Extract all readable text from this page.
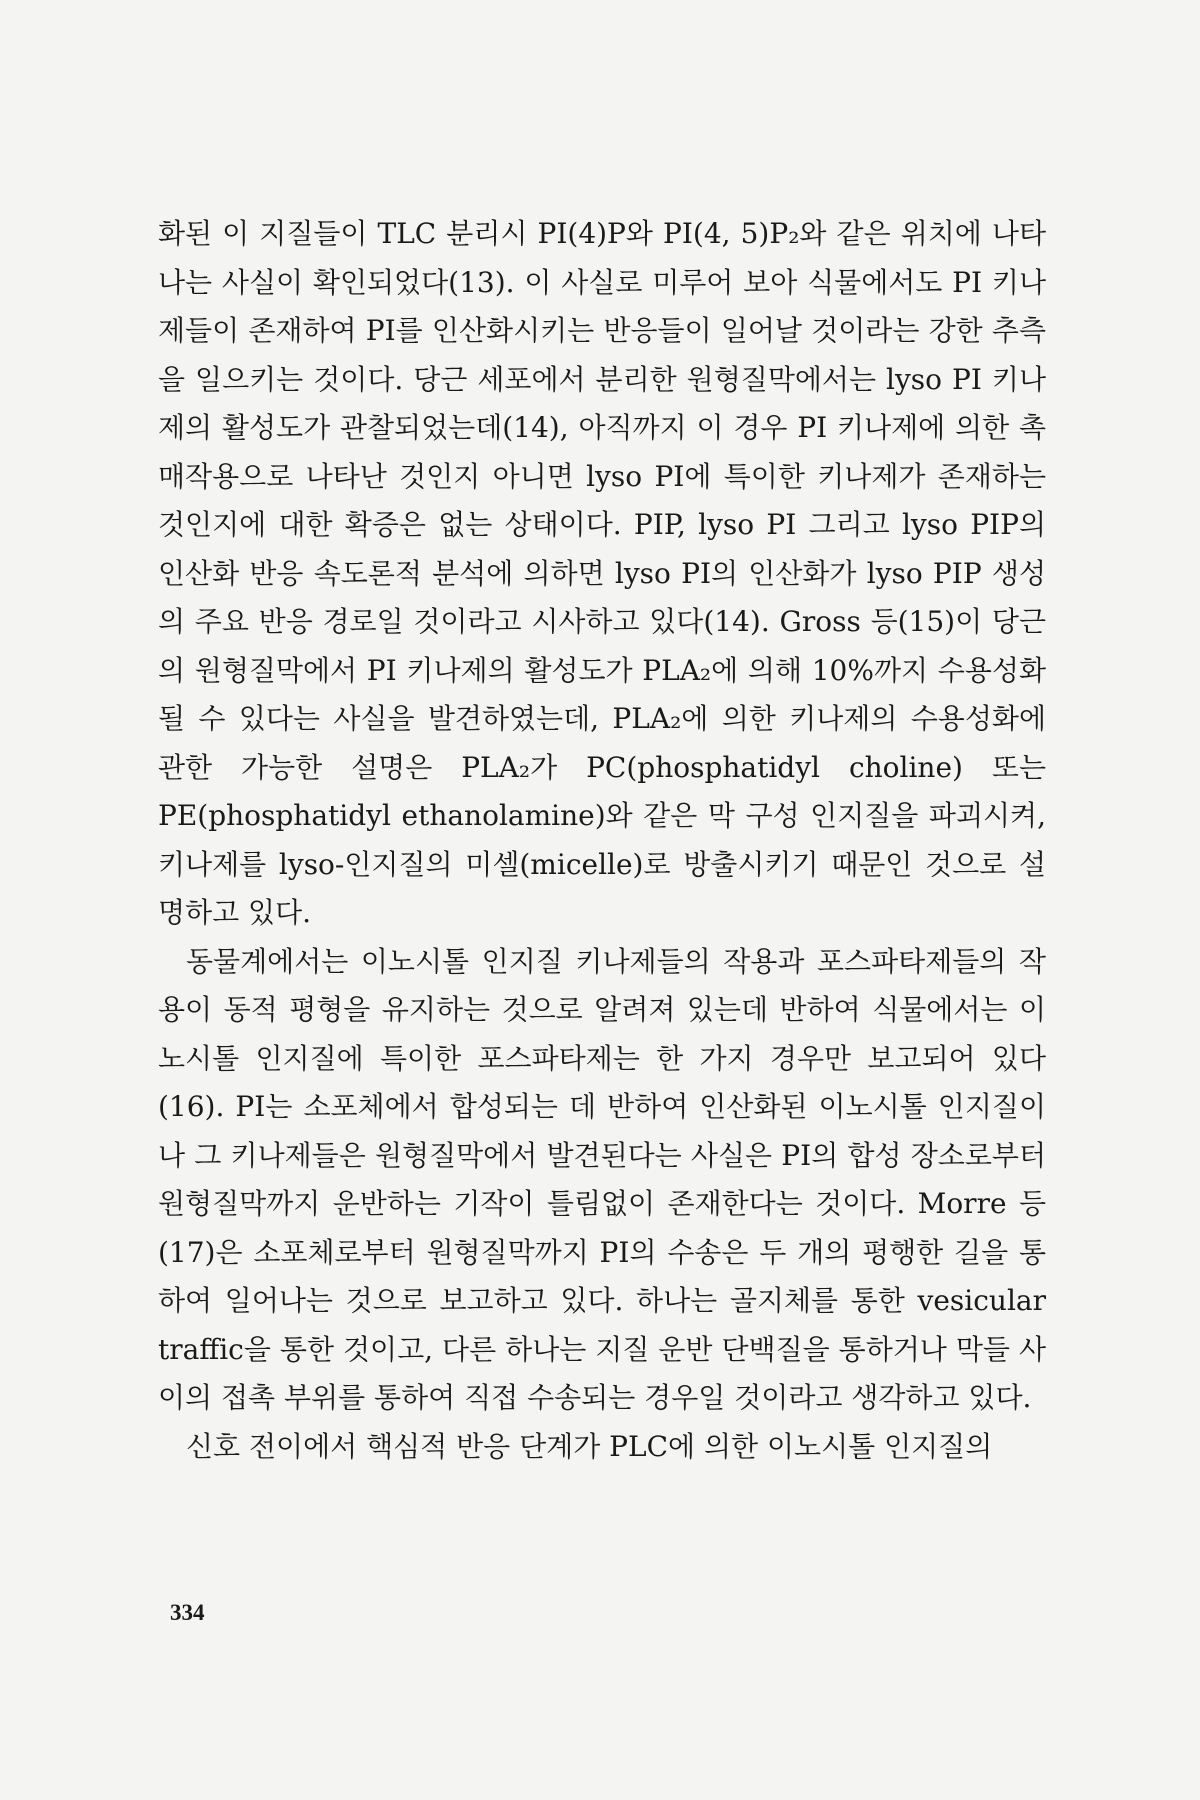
화된 이 지질들이 TLC 분리시 PI(4)P와 PI(4, 5)P₂와 같은 위치에 나타나는 사실이 확인되었다(13). 이 사실로 미루어 보아 식물에서도 PI 키나제들이 존재하여 PI를 인산화시키는 반응들이 일어날 것이라는 강한 추측을 일으키는 것이다. 당근 세포에서 분리한 원형질막에서는 lyso PI 키나제의 활성도가 관찰되었는데(14), 아직까지 이 경우 PI 키나제에 의한 촉매작용으로 나타난 것인지 아니면 lyso PI에 특이한 키나제가 존재하는 것인지에 대한 확증은 없는 상태이다. PIP, lyso PI 그리고 lyso PIP의 인산화 반응 속도론적 분석에 의하면 lyso PI의 인산화가 lyso PIP 생성의 주요 반응 경로일 것이라고 시사하고 있다(14). Gross 등(15)이 당근의 원형질막에서 PI 키나제의 활성도가 PLA₂에 의해 10%까지 수용성화될 수 있다는 사실을 발견하였는데, PLA₂에 의한 키나제의 수용성화에 관한 가능한 설명은 PLA₂가 PC(phosphatidyl choline) 또는 PE(phosphatidyl ethanolamine)와 같은 막 구성 인지질을 파괴시켜, 키나제를 lyso-인지질의 미셀(micelle)로 방출시키기 때문인 것으로 설명하고 있다.

동물계에서는 이노시톨 인지질 키나제들의 작용과 포스파타제들의 작용이 동적 평형을 유지하는 것으로 알려져 있는데 반하여 식물에서는 이노시톨 인지질에 특이한 포스파타제는 한 가지 경우만 보고되어 있다(16). PI는 소포체에서 합성되는 데 반하여 인산화된 이노시톨 인지질이나 그 키나제들은 원형질막에서 발견된다는 사실은 PI의 합성 장소로부터 원형질막까지 운반하는 기작이 틀림없이 존재한다는 것이다. Morre 등(17)은 소포체로부터 원형질막까지 PI의 수송은 두 개의 평행한 길을 통하여 일어나는 것으로 보고하고 있다. 하나는 골지체를 통한 vesicular traffic을 통한 것이고, 다른 하나는 지질 운반 단백질을 통하거나 막들 사이의 접촉 부위를 통하여 직접 수송되는 경우일 것이라고 생각하고 있다.

신호 전이에서 핵심적 반응 단계가 PLC에 의한 이노시톨 인지질의

334
